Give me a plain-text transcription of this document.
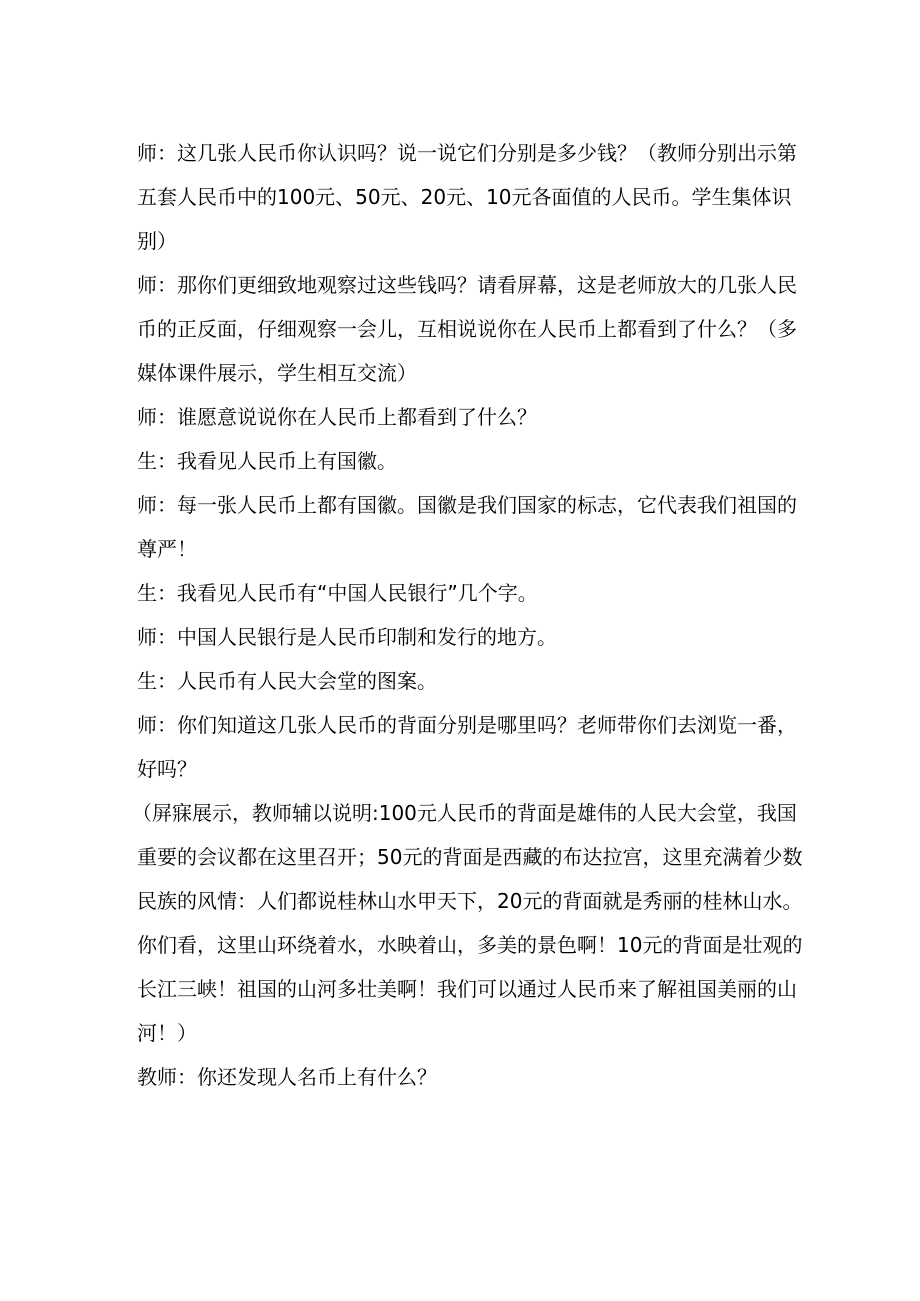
师：这几张人民币你认识吗？说一说它们分别是多少钱？（教师分别出示第五套人民币中的100元、50元、20元、10元各面值的人民币。学生集体识别）

师：那你们更细致地观察过这些钱吗？请看屏幕，这是老师放大的几张人民币的正反面，仔细观察一会儿，互相说说你在人民币上都看到了什么？（多媒体课件展示，学生相互交流）

师：谁愿意说说你在人民币上都看到了什么？

生：我看见人民币上有国徽。

师：每一张人民币上都有国徽。国徽是我们国家的标志，它代表我们祖国的尊严！

生：我看见人民币有“中国人民银行”几个字。

师：中国人民银行是人民币印制和发行的地方。

生：人民币有人民大会堂的图案。

师：你们知道这几张人民币的背面分别是哪里吗？老师带你们去浏览一番，好吗？

（屏寐展示，教师辅以说明:100元人民币的背面是雄伟的人民大会堂，我国重要的会议都在这里召开；50元的背面是西藏的布达拉宫，这里充满着少数民族的风情：人们都说桂林山水甲天下，20元的背面就是秀丽的桂林山水。你们看，这里山环绕着水，水映着山，多美的景色啊！10元的背面是壮观的长江三峡！祖国的山河多壮美啊！我们可以通过人民币来了解祖国美丽的山河！）

教师：你还发现人名币上有什么？
